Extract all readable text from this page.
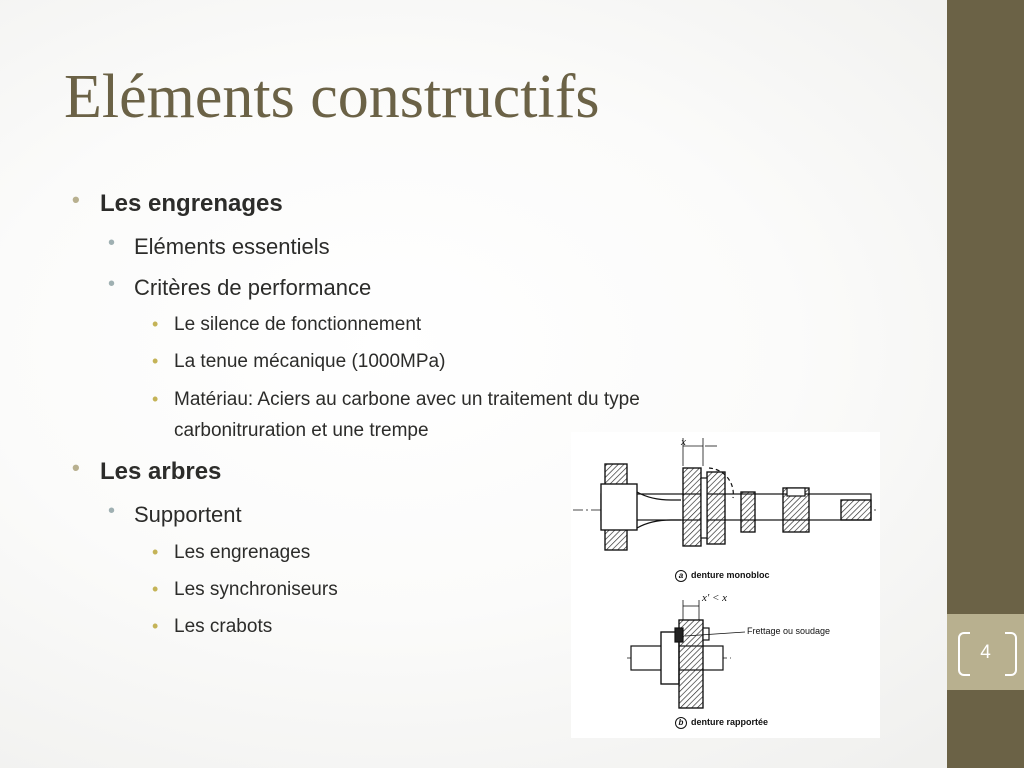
4
Eléments constructifs
• Les engrenages
• Eléments essentiels
• Critères de performance
• Le silence de fonctionnement
• La tenue mécanique (1000MPa)
• Matériau: Aciers au carbone avec un traitement du type
carbonitruration et une trempe
• Les arbres
• Supportent
• Les engrenages
• Les synchroniseurs
• Les crabots
x
x' < x
Frettage ou soudage
a denture monobloc
b denture rapportée
